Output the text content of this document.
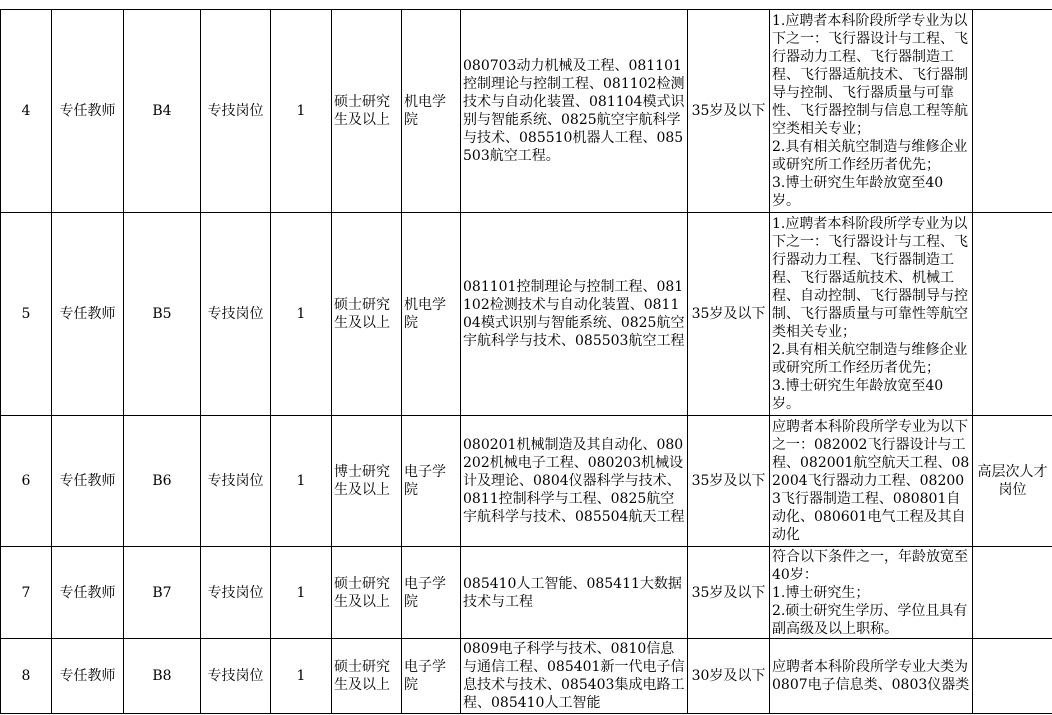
4	专任教师	B4	专技岗位	1	硕士研究生及以上	机电学院	080703动力机械及工程、081101控制理论与控制工程、081102检测技术与自动化装置、081104模式识别与智能系统、0825航空宇航科学与技术、085510机器人工程、085503航空工程。	35岁及以下	1.应聘者本科阶段所学专业为以下之一：飞行器设计与工程、飞行器动力工程、飞行器制造工程、飞行器适航技术、飞行器制导与控制、飞行器质量与可靠性、飞行器控制与信息工程等航空类相关专业；
2.具有相关航空制造与维修企业或研究所工作经历者优先；
3.博士研究生年龄放宽至40岁。	

5	专任教师	B5	专技岗位	1	硕士研究生及以上	机电学院	081101控制理论与控制工程、081102检测技术与自动化装置、081104模式识别与智能系统、0825航空宇航科学与技术、085503航空工程	35岁及以下	1.应聘者本科阶段所学专业为以下之一：飞行器设计与工程、飞行器动力工程、飞行器制造工程、飞行器适航技术、机械工程、自动控制、飞行器制导与控制、飞行器质量与可靠性等航空类相关专业；
2.具有相关航空制造与维修企业或研究所工作经历者优先；
3.博士研究生年龄放宽至40岁。	

6	专任教师	B6	专技岗位	1	博士研究生及以上	电子学院	080201机械制造及其自动化、080202机械电子工程、080203机械设计及理论、0804仪器科学与技术、0811控制科学与工程、0825航空宇航科学与技术、085504航天工程	35岁及以下	应聘者本科阶段所学专业为以下之一：082002飞行器设计与工程、082001航空航天工程、082004飞行器动力工程、082003飞行器制造工程、080801自动化、080601电气工程及其自动化	高层次人才岗位
7	专任教师	B7	专技岗位	1	硕士研究生及以上	电子学院	085410人工智能、085411大数据技术与工程	35岁及以下	符合以下条件之一，年龄放宽至40岁：
1.博士研究生；
2.硕士研究生学历、学位且具有副高级及以上职称。	

8	专任教师	B8	专技岗位	1	硕士研究生及以上	电子学院	0809电子科学与技术、0810信息与通信工程、085401新一代电子信息技术与技术、085403集成电路工程、085410人工智能	30岁及以下	应聘者本科阶段所学专业大类为0807电子信息类、0803仪器类	
